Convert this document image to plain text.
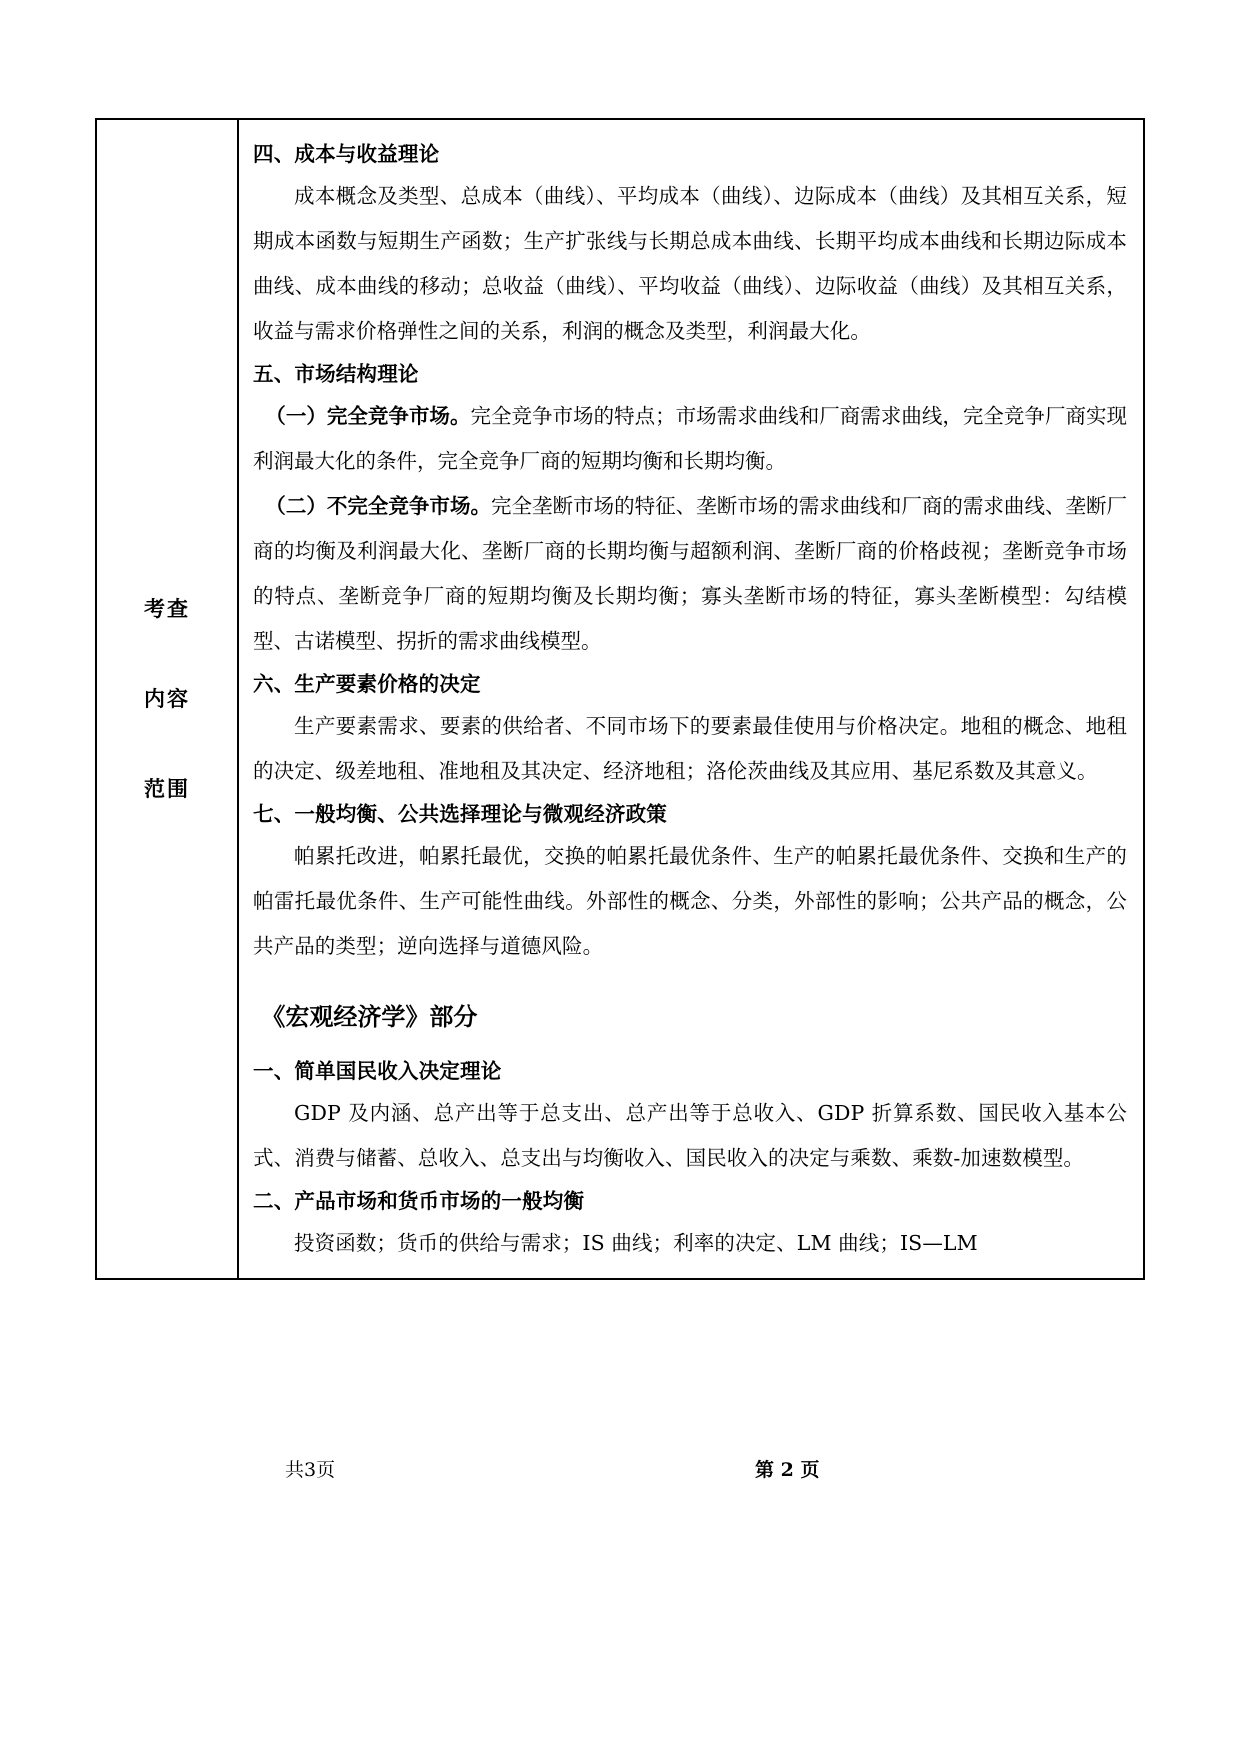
考查
内容
范围

四、成本与收益理论

成本概念及类型、总成本（曲线）、平均成本（曲线）、边际成本（曲线）及其相互关系，短期成本函数与短期生产函数；生产扩张线与长期总成本曲线、长期平均成本曲线和长期边际成本曲线、成本曲线的移动；总收益（曲线）、平均收益（曲线）、边际收益（曲线）及其相互关系，收益与需求价格弹性之间的关系，利润的概念及类型，利润最大化。

五、市场结构理论

（一）完全竞争市场。完全竞争市场的特点；市场需求曲线和厂商需求曲线，完全竞争厂商实现利润最大化的条件，完全竞争厂商的短期均衡和长期均衡。

（二）不完全竞争市场。完全垄断市场的特征、垄断市场的需求曲线和厂商的需求曲线、垄断厂商的均衡及利润最大化、垄断厂商的长期均衡与超额利润、垄断厂商的价格歧视；垄断竞争市场的特点、垄断竞争厂商的短期均衡及长期均衡；寡头垄断市场的特征，寡头垄断模型：勾结模型、古诺模型、拐折的需求曲线模型。

六、生产要素价格的决定

生产要素需求、要素的供给者、不同市场下的要素最佳使用与价格决定。地租的概念、地租的决定、级差地租、准地租及其决定、经济地租；洛伦茨曲线及其应用、基尼系数及其意义。

七、一般均衡、公共选择理论与微观经济政策

帕累托改进，帕累托最优，交换的帕累托最优条件、生产的帕累托最优条件、交换和生产的帕雷托最优条件、生产可能性曲线。外部性的概念、分类，外部性的影响；公共产品的概念，公共产品的类型；逆向选择与道德风险。

《宏观经济学》部分

一、简单国民收入决定理论

GDP 及内涵、总产出等于总支出、总产出等于总收入、GDP 折算系数、国民收入基本公式、消费与储蓄、总收入、总支出与均衡收入、国民收入的决定与乘数、乘数-加速数模型。

二、产品市场和货币市场的一般均衡

投资函数；货币的供给与需求；IS 曲线；利率的决定、LM 曲线；IS—LM

共3页	第 2 页
